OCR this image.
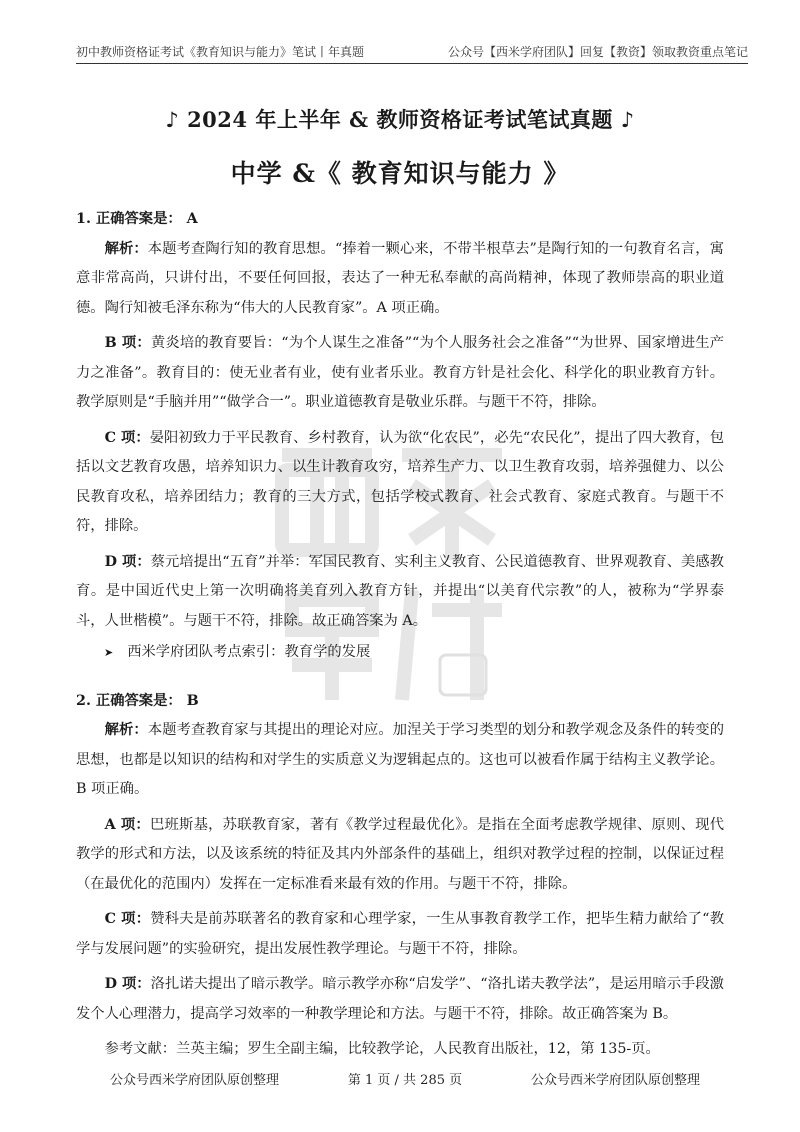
初中教师资格证考试《教育知识与能力》笔试丨年真题	公众号【西米学府团队】回复【教资】领取教资重点笔记
♪ 2024 年上半年 & 教师资格证考试笔试真题 ♪
中学 &《 教育知识与能力 》

1. 正确答案是： A

解析：本题考查陶行知的教育思想。“捧着一颗心来，不带半根草去”是陶行知的一句教育名言，寓意非常高尚，只讲付出，不要任何回报，表达了一种无私奉献的高尚精神，体现了教师崇高的职业道德。陶行知被毛泽东称为“伟大的人民教育家”。A 项正确。

B 项：黄炎培的教育要旨：“为个人谋生之准备”“为个人服务社会之准备”“为世界、国家增进生产力之准备”。教育目的：使无业者有业，使有业者乐业。教育方针是社会化、科学化的职业教育方针。教学原则是“手脑并用”“做学合一”。职业道德教育是敬业乐群。与题干不符，排除。

C 项：晏阳初致力于平民教育、乡村教育，认为欲“化农民”，必先“农民化”，提出了四大教育，包括以文艺教育攻愚，培养知识力、以生计教育攻穷，培养生产力、以卫生教育攻弱，培养强健力、以公民教育攻私，培养团结力；教育的三大方式，包括学校式教育、社会式教育、家庭式教育。与题干不符，排除。

D 项：蔡元培提出“五育”并举：军国民教育、实利主义教育、公民道德教育、世界观教育、美感教育。是中国近代史上第一次明确将美育列入教育方针，并提出“以美育代宗教”的人，被称为“学界泰斗，人世楷模”。与题干不符，排除。故正确答案为 A。

➤ 西米学府团队考点索引：教育学的发展

2. 正确答案是： B

解析：本题考查教育家与其提出的理论对应。加涅关于学习类型的划分和教学观念及条件的转变的思想，也都是以知识的结构和对学生的实质意义为逻辑起点的。这也可以被看作属于结构主义教学论。B 项正确。

A 项：巴班斯基，苏联教育家，著有《教学过程最优化》。是指在全面考虑教学规律、原则、现代教学的形式和方法，以及该系统的特征及其内外部条件的基础上，组织对教学过程的控制，以保证过程（在最优化的范围内）发挥在一定标准看来最有效的作用。与题干不符，排除。

C 项：赞科夫是前苏联著名的教育家和心理学家，一生从事教育教学工作，把毕生精力献给了“教学与发展问题”的实验研究，提出发展性教学理论。与题干不符，排除。

D 项：洛扎诺夫提出了暗示教学。暗示教学亦称“启发学”、“洛扎诺夫教学法”，是运用暗示手段激发个人心理潜力，提高学习效率的一种教学理论和方法。与题干不符，排除。故正确答案为 B。

参考文献：兰英主编；罗生全副主编，比较教学论，人民教育出版社，12，第 135-页。

公众号西米学府团队原创整理	第 1 页 / 共 285 页	公众号西米学府团队原创整理
